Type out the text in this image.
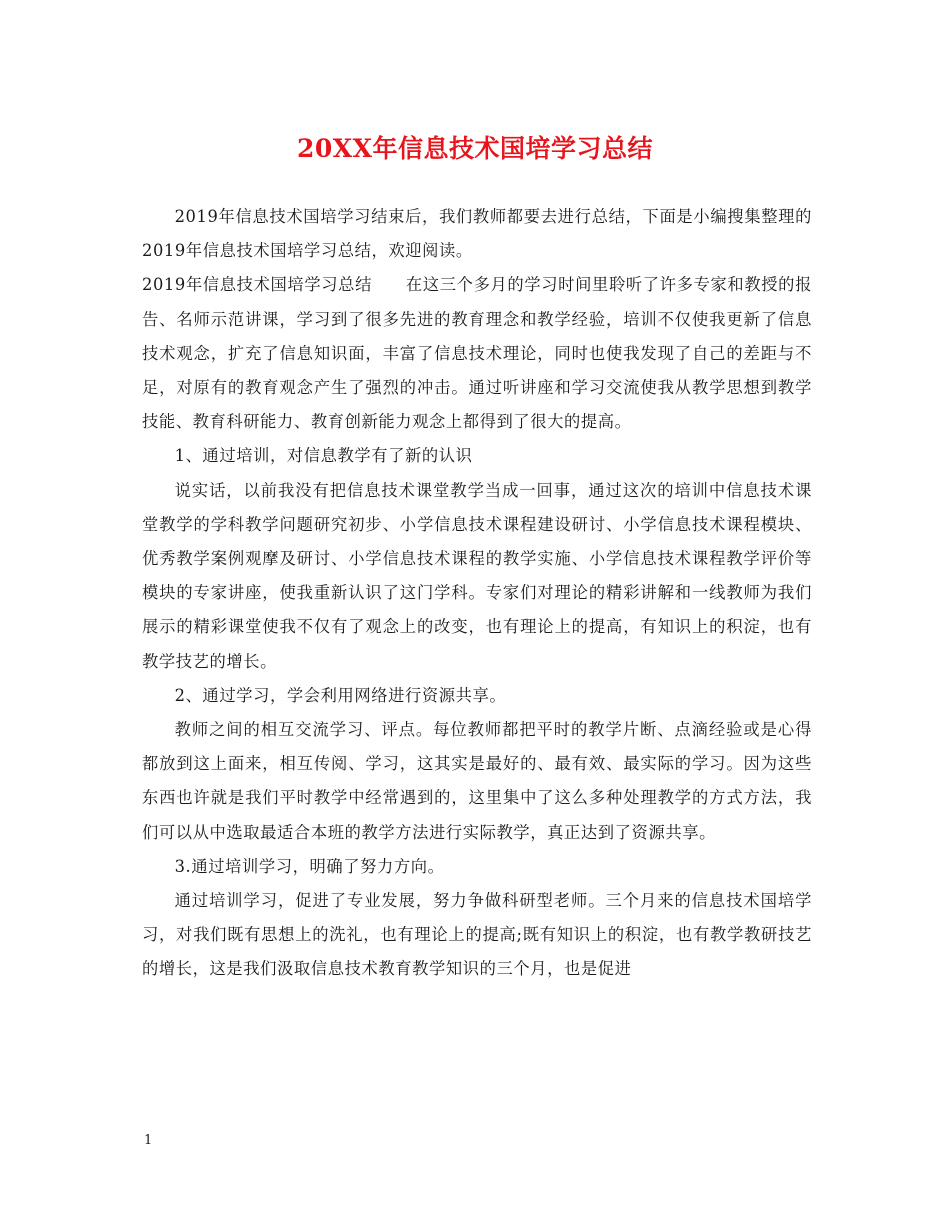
20XX年信息技术国培学习总结

2019年信息技术国培学习结束后，我们教师都要去进行总结，下面是小编搜集整理的2019年信息技术国培学习总结，欢迎阅读。

2019年信息技术国培学习总结　　在这三个多月的学习时间里聆听了许多专家和教授的报告、名师示范讲课，学习到了很多先进的教育理念和教学经验，培训不仅使我更新了信息技术观念，扩充了信息知识面，丰富了信息技术理论，同时也使我发现了自己的差距与不足，对原有的教育观念产生了强烈的冲击。通过听讲座和学习交流使我从教学思想到教学技能、教育科研能力、教育创新能力观念上都得到了很大的提高。

1、通过培训，对信息教学有了新的认识

说实话，以前我没有把信息技术课堂教学当成一回事，通过这次的培训中信息技术课堂教学的学科教学问题研究初步、小学信息技术课程建设研讨、小学信息技术课程模块、优秀教学案例观摩及研讨、小学信息技术课程的教学实施、小学信息技术课程教学评价等模块的专家讲座，使我重新认识了这门学科。专家们对理论的精彩讲解和一线教师为我们展示的精彩课堂使我不仅有了观念上的改变，也有理论上的提高，有知识上的积淀，也有教学技艺的增长。

2、通过学习，学会利用网络进行资源共享。

教师之间的相互交流学习、评点。每位教师都把平时的教学片断、点滴经验或是心得都放到这上面来，相互传阅、学习，这其实是最好的、最有效、最实际的学习。因为这些东西也许就是我们平时教学中经常遇到的，这里集中了这么多种处理教学的方式方法，我们可以从中选取最适合本班的教学方法进行实际教学，真正达到了资源共享。

3.通过培训学习，明确了努力方向。

通过培训学习，促进了专业发展，努力争做科研型老师。三个月来的信息技术国培学习，对我们既有思想上的洗礼，也有理论上的提高;既有知识上的积淀，也有教学教研技艺的增长，这是我们汲取信息技术教育教学知识的三个月，也是促进

1
